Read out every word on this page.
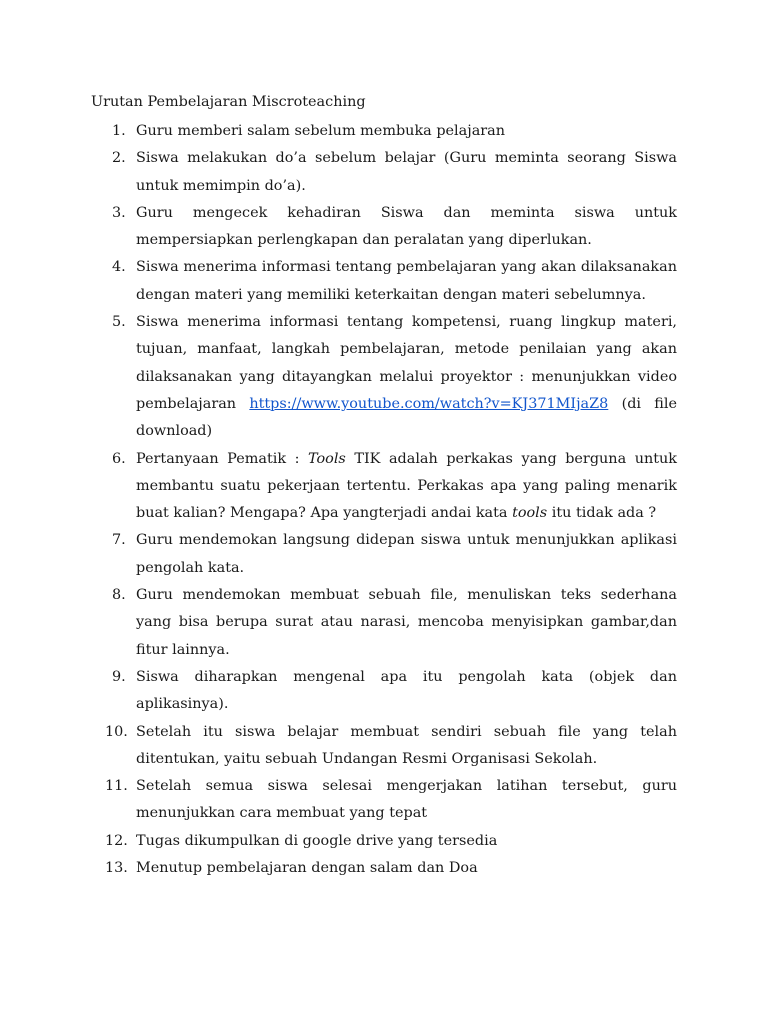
Urutan Pembelajaran Miscroteaching
1. Guru memberi salam sebelum membuka pelajaran
2. Siswa melakukan do’a sebelum belajar (Guru meminta seorang Siswa untuk memimpin do’a).
3. Guru mengecek kehadiran Siswa dan meminta siswa untuk mempersiapkan perlengkapan dan peralatan yang diperlukan.
4. Siswa menerima informasi tentang pembelajaran yang akan dilaksanakan dengan materi yang memiliki keterkaitan dengan materi sebelumnya.
5. Siswa menerima informasi tentang kompetensi, ruang lingkup materi, tujuan, manfaat, langkah pembelajaran, metode penilaian yang akan dilaksanakan yang ditayangkan melalui proyektor : menunjukkan video pembelajaran https://www.youtube.com/watch?v=KJ371MIjaZ8 (di file download)
6. Pertanyaan Pematik : Tools TIK adalah perkakas yang berguna untuk membantu suatu pekerjaan tertentu. Perkakas apa yang paling menarik buat kalian? Mengapa? Apa yangterjadi andai kata tools itu tidak ada ?
7. Guru mendemokan langsung didepan siswa untuk menunjukkan aplikasi pengolah kata.
8. Guru mendemokan membuat sebuah file, menuliskan teks sederhana yang bisa berupa surat atau narasi, mencoba menyisipkan gambar,dan fitur lainnya.
9. Siswa diharapkan mengenal apa itu pengolah kata (objek dan aplikasinya).
10. Setelah itu siswa belajar membuat sendiri sebuah file yang telah ditentukan, yaitu sebuah Undangan Resmi Organisasi Sekolah.
11. Setelah semua siswa selesai mengerjakan latihan tersebut, guru menunjukkan cara membuat yang tepat
12. Tugas dikumpulkan di google drive yang tersedia
13. Menutup pembelajaran dengan salam dan Doa
